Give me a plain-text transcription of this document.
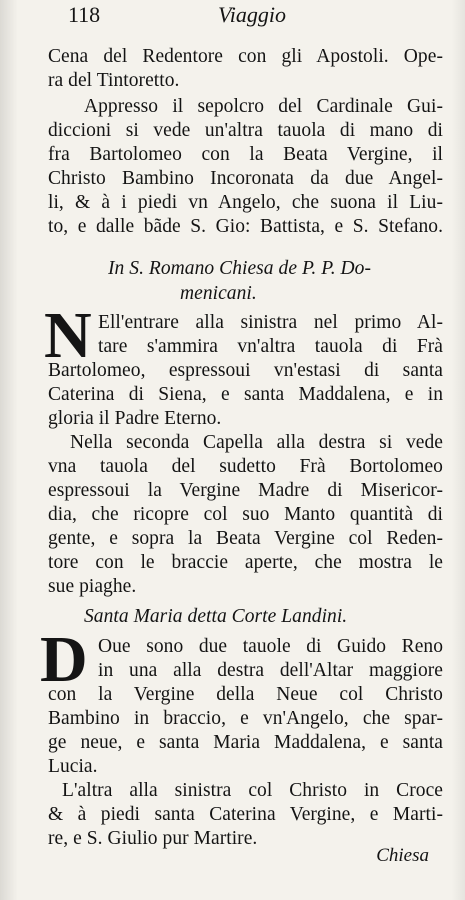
118	Viaggio
Cena del Redentore con gli Apostoli. Ope-
ra del Tintoretto.
Appresso il sepolcro del Cardinale Gui-
diccioni si vede un'altra tauola di mano di
fra Bartolomeo con la Beata Vergine, il
Christo Bambino Incoronata da due Angel-
li, & à i piedi vn Angelo, che suona il Liu-
to, e dalle bãde S. Gio: Battista, e S. Stefano.
In S. Romano Chiesa de P. P. Do-
menicani.
N Ell'entrare alla sinistra nel primo Al-
tare s'ammira vn'altra tauola di Frà
Bartolomeo, espressoui vn'estasi di santa
Caterina di Siena, e santa Maddalena, e in
gloria il Padre Eterno.
Nella seconda Capella alla destra si vede
vna tauola del sudetto Frà Bortolomeo
espressoui la Vergine Madre di Misericor-
dia, che ricopre col suo Manto quantità di
gente, e sopra la Beata Vergine col Reden-
tore con le braccie aperte, che mostra le
sue piaghe.
Santa Maria detta Corte Landini.
D Oue sono due tauole di Guido Reno
in una alla destra dell'Altar maggiore
con la Vergine della Neue col Christo
Bambino in braccio, e vn'Angelo, che spar-
ge neue, e santa Maria Maddalena, e santa
Lucia.
L'altra alla sinistra col Christo in Croce
& à piedi santa Caterina Vergine, e Marti-
re, e S. Giulio pur Martire.
Chiesa
